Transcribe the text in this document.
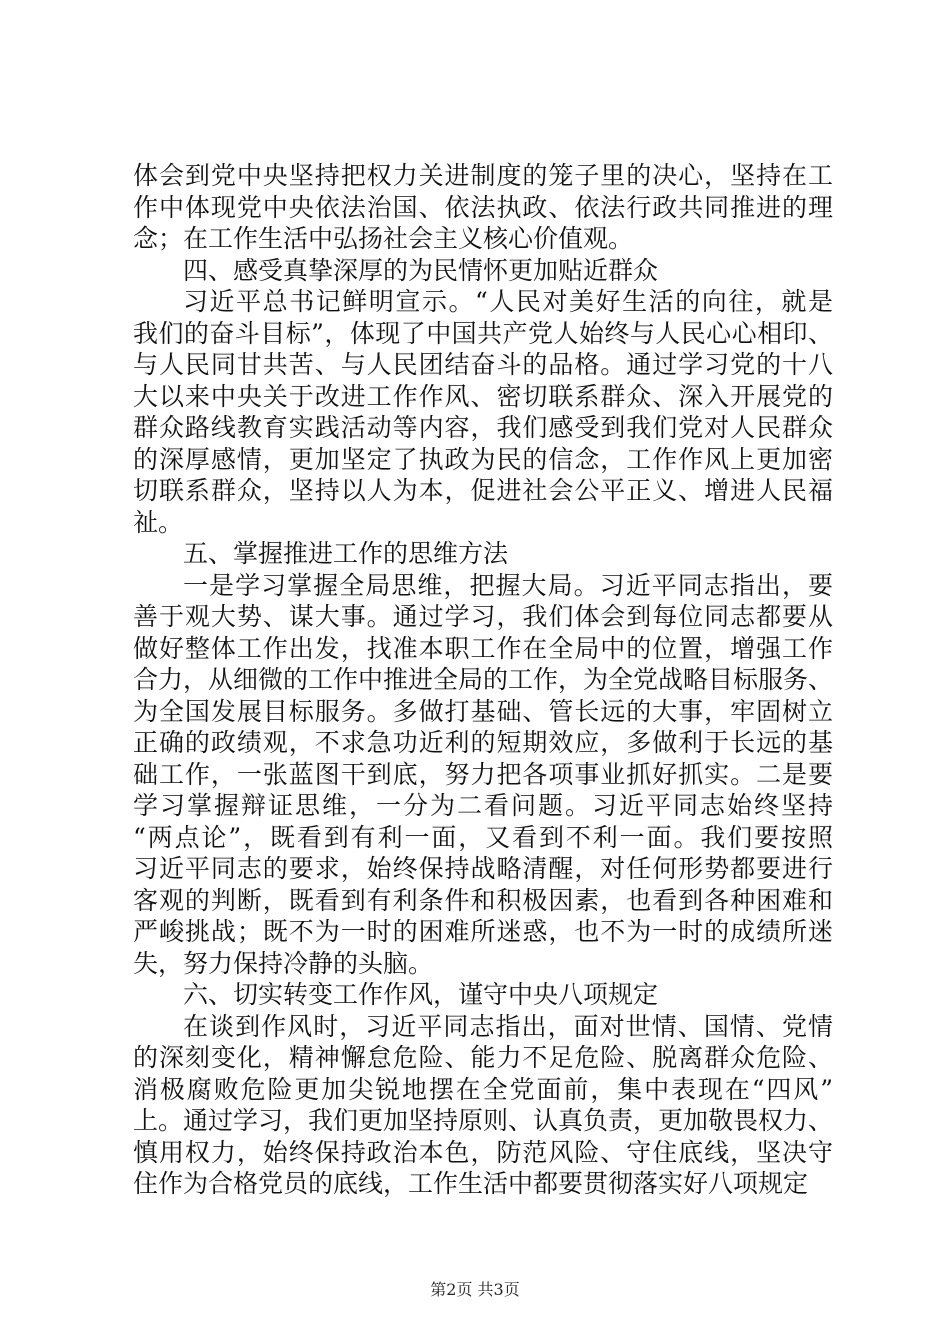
体会到党中央坚持把权力关进制度的笼子里的决心，坚持在工
作中体现党中央依法治国、依法执政、依法行政共同推进的理
念；在工作生活中弘扬社会主义核心价值观。
四、感受真挚深厚的为民情怀更加贴近群众
习近平总书记鲜明宣示。“人民对美好生活的向往，就是
我们的奋斗目标”，体现了中国共产党人始终与人民心心相印、
与人民同甘共苦、与人民团结奋斗的品格。通过学习党的十八
大以来中央关于改进工作作风、密切联系群众、深入开展党的
群众路线教育实践活动等内容，我们感受到我们党对人民群众
的深厚感情，更加坚定了执政为民的信念，工作作风上更加密
切联系群众，坚持以人为本，促进社会公平正义、增进人民福
祉。
五、掌握推进工作的思维方法
一是学习掌握全局思维，把握大局。习近平同志指出，要
善于观大势、谋大事。通过学习，我们体会到每位同志都要从
做好整体工作出发，找准本职工作在全局中的位置，增强工作
合力，从细微的工作中推进全局的工作，为全党战略目标服务、
为全国发展目标服务。多做打基础、管长远的大事，牢固树立
正确的政绩观，不求急功近利的短期效应，多做利于长远的基
础工作，一张蓝图干到底，努力把各项事业抓好抓实。二是要
学习掌握辩证思维，一分为二看问题。习近平同志始终坚持
“两点论”，既看到有利一面，又看到不利一面。我们要按照
习近平同志的要求，始终保持战略清醒，对任何形势都要进行
客观的判断，既看到有利条件和积极因素，也看到各种困难和
严峻挑战；既不为一时的困难所迷惑，也不为一时的成绩所迷
失，努力保持冷静的头脑。
六、切实转变工作作风，谨守中央八项规定
在谈到作风时，习近平同志指出，面对世情、国情、党情
的深刻变化，精神懈怠危险、能力不足危险、脱离群众危险、
消极腐败危险更加尖锐地摆在全党面前，集中表现在“四风”
上。通过学习，我们更加坚持原则、认真负责，更加敬畏权力、
慎用权力，始终保持政治本色，防范风险、守住底线，坚决守
住作为合格党员的底线，工作生活中都要贯彻落实好八项规定
第2页 共3页
